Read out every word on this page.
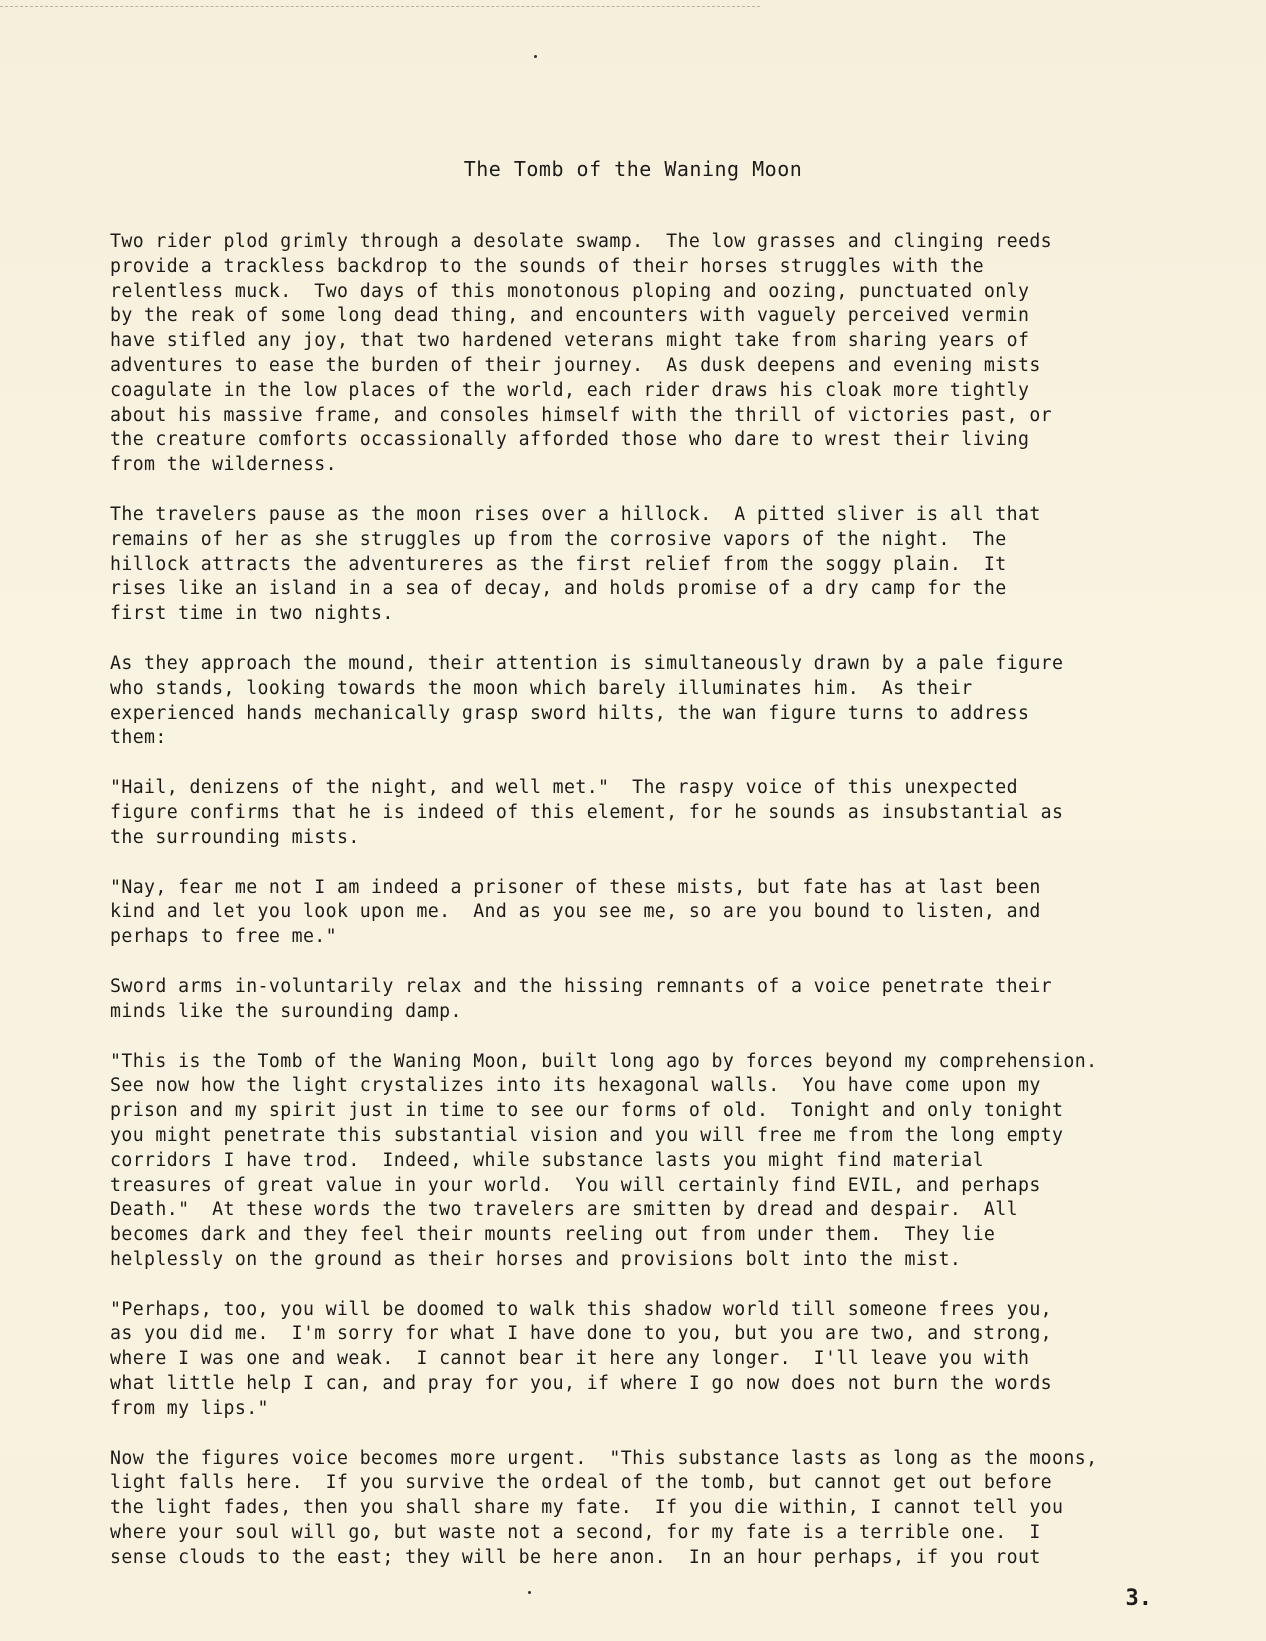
The Tomb of the Waning Moon

Two rider plod grimly through a desolate swamp.  The low grasses and clinging reeds
provide a trackless backdrop to the sounds of their horses struggles with the
relentless muck.  Two days of this monotonous ploping and oozing, punctuated only
by the reak of some long dead thing, and encounters with vaguely perceived vermin
have stifled any joy, that two hardened veterans might take from sharing years of
adventures to ease the burden of their journey.  As dusk deepens and evening mists
coagulate in the low places of the world, each rider draws his cloak more tightly
about his massive frame, and consoles himself with the thrill of victories past, or
the creature comforts occassionally afforded those who dare to wrest their living
from the wilderness.

The travelers pause as the moon rises over a hillock.  A pitted sliver is all that
remains of her as she struggles up from the corrosive vapors of the night.  The
hillock attracts the adventureres as the first relief from the soggy plain.  It
rises like an island in a sea of decay, and holds promise of a dry camp for the
first time in two nights.

As they approach the mound, their attention is simultaneously drawn by a pale figure
who stands, looking towards the moon which barely illuminates him.  As their
experienced hands mechanically grasp sword hilts, the wan figure turns to address
them:

"Hail, denizens of the night, and well met."  The raspy voice of this unexpected
figure confirms that he is indeed of this element, for he sounds as insubstantial as
the surrounding mists.

"Nay, fear me not I am indeed a prisoner of these mists, but fate has at last been
kind and let you look upon me.  And as you see me, so are you bound to listen, and
perhaps to free me."

Sword arms in-voluntarily relax and the hissing remnants of a voice penetrate their
minds like the surounding damp.

"This is the Tomb of the Waning Moon, built long ago by forces beyond my comprehension.
See now how the light crystalizes into its hexagonal walls.  You have come upon my
prison and my spirit just in time to see our forms of old.  Tonight and only tonight
you might penetrate this substantial vision and you will free me from the long empty
corridors I have trod.  Indeed, while substance lasts you might find material
treasures of great value in your world.  You will certainly find EVIL, and perhaps
Death."  At these words the two travelers are smitten by dread and despair.  All
becomes dark and they feel their mounts reeling out from under them.  They lie
helplessly on the ground as their horses and provisions bolt into the mist.

"Perhaps, too, you will be doomed to walk this shadow world till someone frees you,
as you did me.  I'm sorry for what I have done to you, but you are two, and strong,
where I was one and weak.  I cannot bear it here any longer.  I'll leave you with
what little help I can, and pray for you, if where I go now does not burn the words
from my lips."

Now the figures voice becomes more urgent.  "This substance lasts as long as the moons,
light falls here.  If you survive the ordeal of the tomb, but cannot get out before
the light fades, then you shall share my fate.  If you die within, I cannot tell you
where your soul will go, but waste not a second, for my fate is a terrible one.  I
sense clouds to the east; they will be here anon.  In an hour perhaps, if you rout

3.
